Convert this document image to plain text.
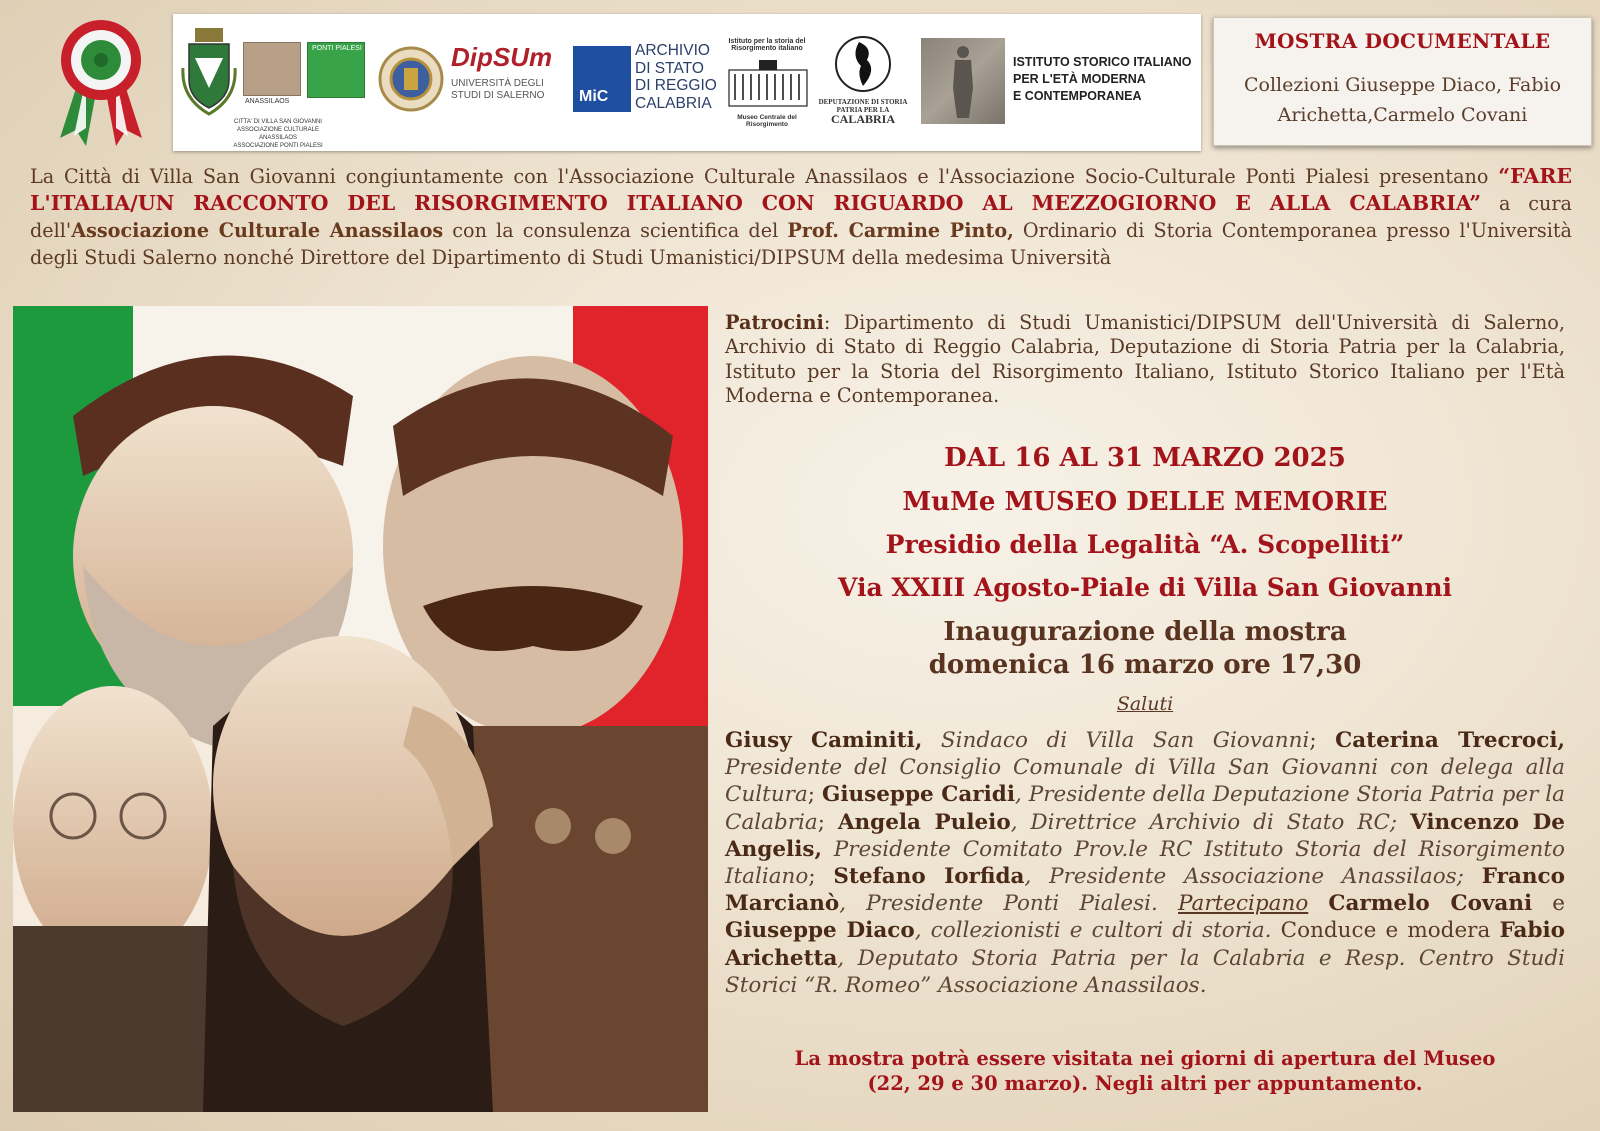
ANASSILAOS
PONTI PIALESI
CITTA' DI VILLA SAN GIOVANNI
ASSOCIAZIONE CULTURALE ANASSILAOS
ASSOCIAZIONE PONTI PIALESI
DipSUm
UNIVERSITÀ DEGLI STUDI DI SALERNO	MiC
ARCHIVIO
DI STATO
DI REGGIO
CALABRIA
Istituto per la storia del Risorgimento italiano
Museo Centrale del Risorgimento
DEPUTAZIONE DI STORIA PATRIA PER LA
CALABRIA
ISTITUTO STORICO ITALIANO
PER L'ETÀ MODERNA
E CONTEMPORANEA
MOSTRA DOCUMENTALE
Collezioni Giuseppe Diaco, Fabio
Arichetta,Carmelo Covani
La Città di Villa San Giovanni congiuntamente con l'Associazione Culturale Anassilaos e l'Associazione Socio-Culturale Ponti Pialesi presentano “FARE L'ITALIA/UN RACCONTO DEL RISORGIMENTO ITALIANO CON RIGUARDO AL MEZZOGIORNO E ALLA CALABRIA” a cura dell'Associazione Culturale Anassilaos con la consulenza scientifica del Prof. Carmine Pinto, Ordinario di Storia Contemporanea presso l'Università degli Studi Salerno nonché Direttore del Dipartimento di Studi Umanistici/DIPSUM della medesima Università
Patrocini: Dipartimento di Studi Umanistici/DIPSUM dell'Università di Salerno, Archivio di Stato di Reggio Calabria, Deputazione di Storia Patria per la Calabria, Istituto per la Storia del Risorgimento Italiano, Istituto Storico Italiano per l'Età Moderna e Contemporanea.
DAL 16 AL 31 MARZO 2025
MuMe MUSEO DELLE MEMORIE
Presidio della Legalità “A. Scopelliti”
Via XXIII Agosto-Piale di Villa San Giovanni
Inaugurazione della mostra
domenica 16 marzo ore 17,30
Saluti
Giusy Caminiti, Sindaco di Villa San Giovanni; Caterina Trecroci, Presidente del Consiglio Comunale di Villa San Giovanni con delega alla Cultura; Giuseppe Caridi, Presidente della Deputazione Storia Patria per la Calabria; Angela Puleio, Direttrice Archivio di Stato RC; Vincenzo De Angelis, Presidente Comitato Prov.le RC Istituto Storia del Risorgimento Italiano; Stefano Iorfida, Presidente Associazione Anassilaos; Franco Marcianò, Presidente Ponti Pialesi. Partecipano Carmelo Covani e Giuseppe Diaco, collezionisti e cultori di storia. Conduce e modera Fabio Arichetta, Deputato Storia Patria per la Calabria e Resp. Centro Studi Storici “R. Romeo” Associazione Anassilaos.
La mostra potrà essere visitata nei giorni di apertura del Museo
(22, 29 e 30 marzo). Negli altri per appuntamento.
